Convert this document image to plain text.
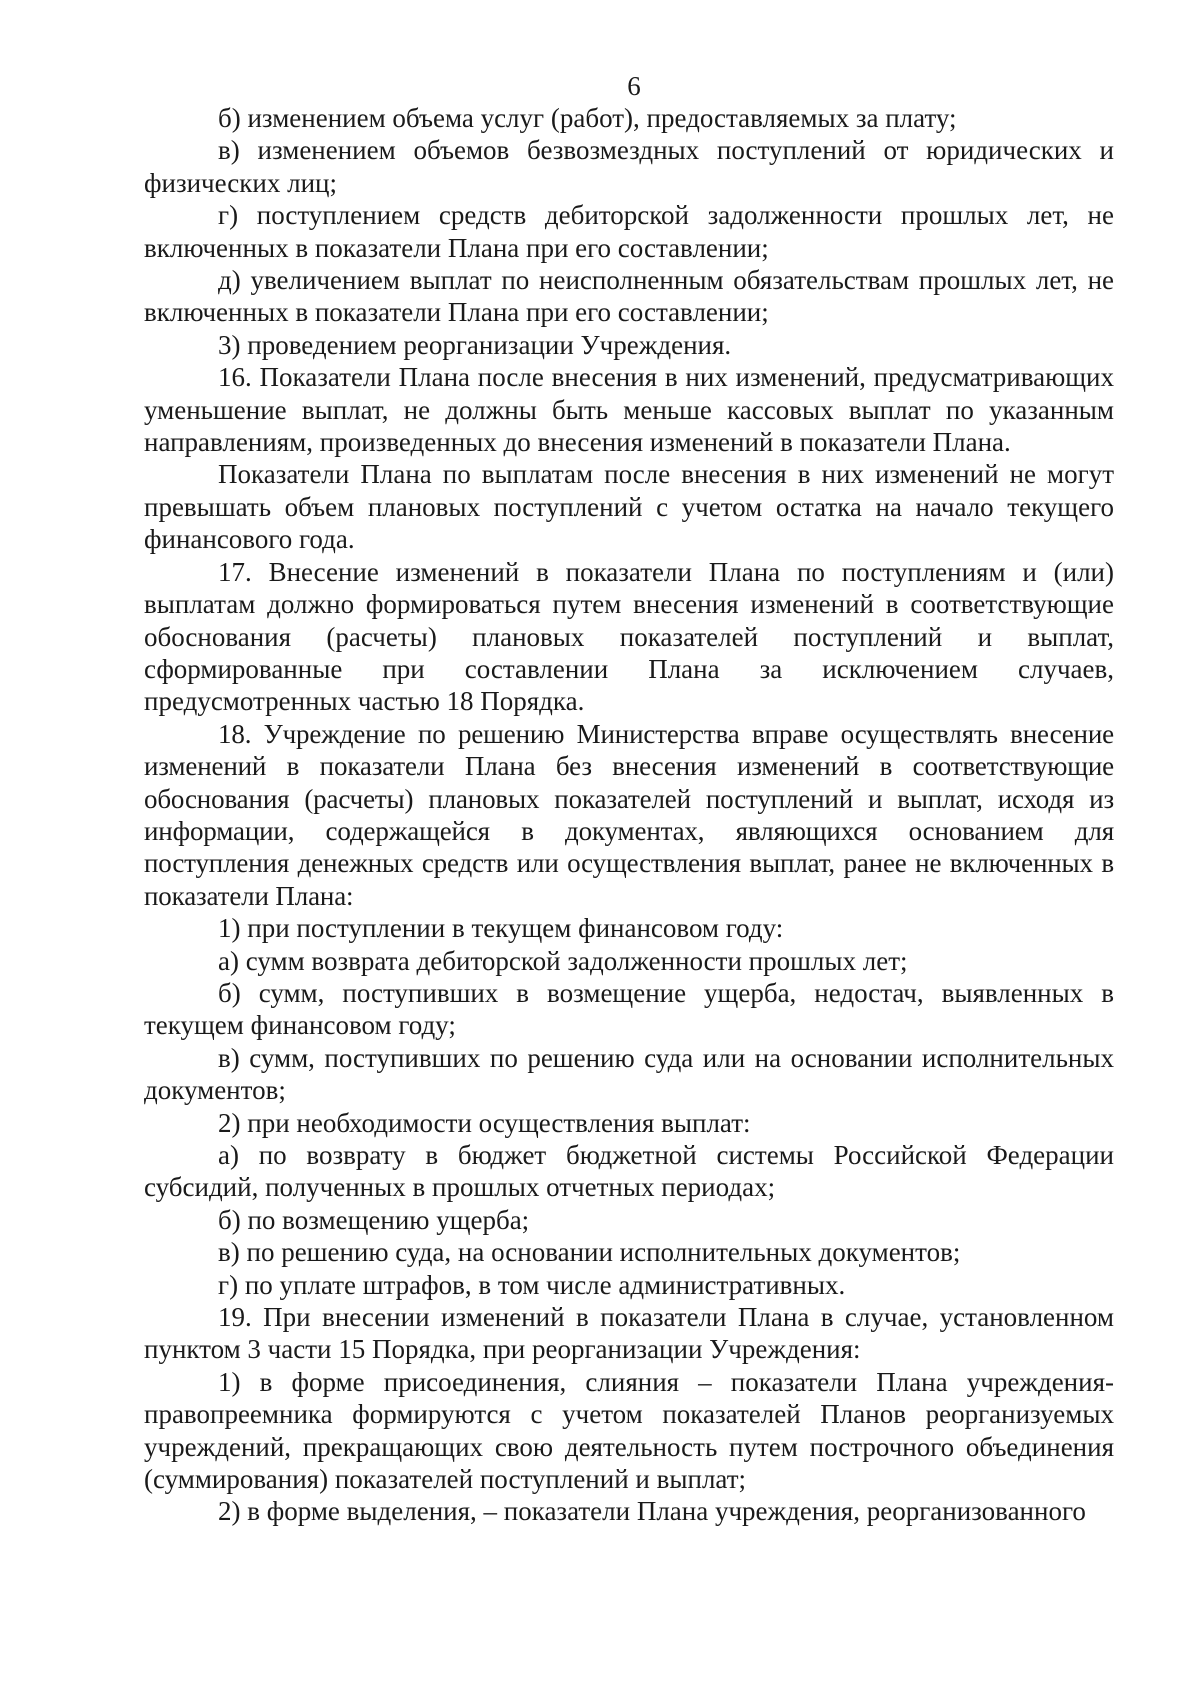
6

б) изменением объема услуг (работ), предоставляемых за плату;

в) изменением объемов безвозмездных поступлений от юридических и физических лиц;

г) поступлением средств дебиторской задолженности прошлых лет, не включенных в показатели Плана при его составлении;

д) увеличением выплат по неисполненным обязательствам прошлых лет, не включенных в показатели Плана при его составлении;

3) проведением реорганизации Учреждения.

16. Показатели Плана после внесения в них изменений, предусматривающих уменьшение выплат, не должны быть меньше кассовых выплат по указанным направлениям, произведенных до внесения изменений в показатели Плана.

Показатели Плана по выплатам после внесения в них изменений не могут превышать объем плановых поступлений с учетом остатка на начало текущего финансового года.

17. Внесение изменений в показатели Плана по поступлениям и (или) выплатам должно формироваться путем внесения изменений в соответствующие обоснования (расчеты) плановых показателей поступлений и выплат, сформированные при составлении Плана за исключением случаев, предусмотренных частью 18 Порядка.

18. Учреждение по решению Министерства вправе осуществлять внесение изменений в показатели Плана без внесения изменений в соответствующие обоснования (расчеты) плановых показателей поступлений и выплат, исходя из информации, содержащейся в документах, являющихся основанием для поступления денежных средств или осуществления выплат, ранее не включенных в показатели Плана:

1) при поступлении в текущем финансовом году:

а) сумм возврата дебиторской задолженности прошлых лет;

б) сумм, поступивших в возмещение ущерба, недостач, выявленных в текущем финансовом году;

в) сумм, поступивших по решению суда или на основании исполнительных документов;

2) при необходимости осуществления выплат:

а) по возврату в бюджет бюджетной системы Российской Федерации субсидий, полученных в прошлых отчетных периодах;

б) по возмещению ущерба;

в) по решению суда, на основании исполнительных документов;

г) по уплате штрафов, в том числе административных.

19. При внесении изменений в показатели Плана в случае, установленном пунктом 3 части 15 Порядка, при реорганизации Учреждения:

1) в форме присоединения, слияния – показатели Плана учреждения-правопреемника формируются с учетом показателей Планов реорганизуемых учреждений, прекращающих свою деятельность путем построчного объединения (суммирования) показателей поступлений и выплат;

2) в форме выделения, – показатели Плана учреждения, реорганизованного
